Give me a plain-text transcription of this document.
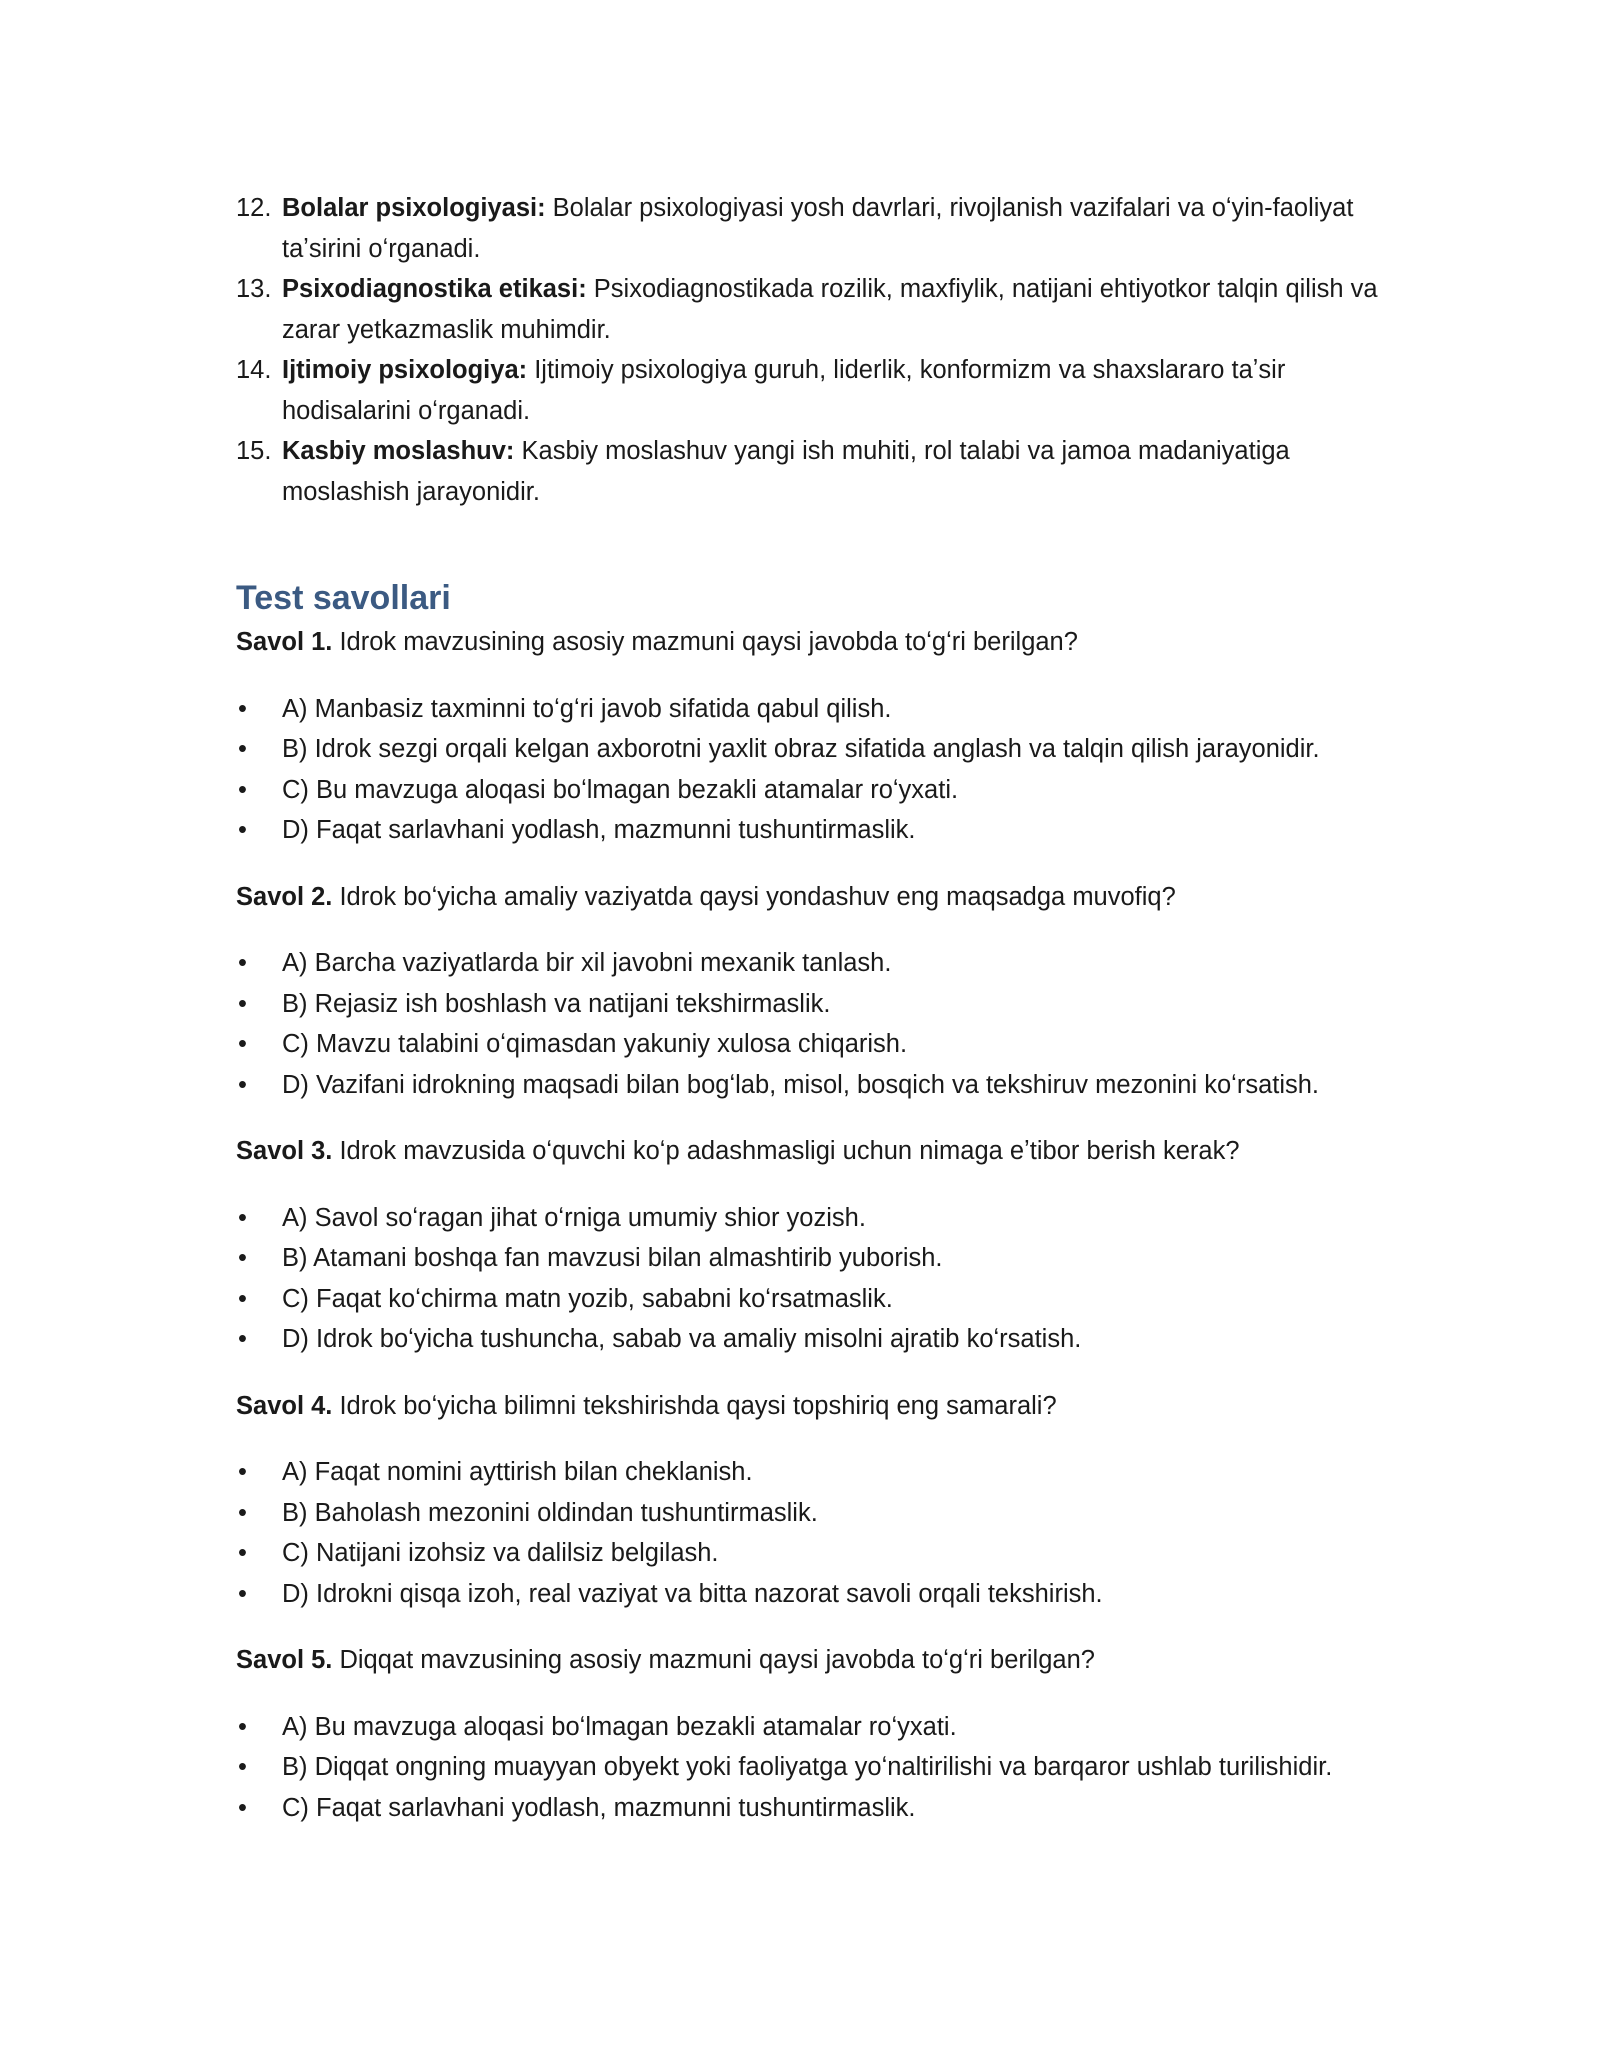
12. Bolalar psixologiyasi: Bolalar psixologiyasi yosh davrlari, rivojlanish vazifalari va oʻyin-faoliyat taʼsirini oʻrganadi.
13. Psixodiagnostika etikasi: Psixodiagnostikada rozilik, maxfiylik, natijani ehtiyotkor talqin qilish va zarar yetkazmaslik muhimdir.
14. Ijtimoiy psixologiya: Ijtimoiy psixologiya guruh, liderlik, konformizm va shaxslararo taʼsir hodisalarini oʻrganadi.
15. Kasbiy moslashuv: Kasbiy moslashuv yangi ish muhiti, rol talabi va jamoa madaniyatiga moslashish jarayonidir.
Test savollari

Savol 1. Idrok mavzusining asosiy mazmuni qaysi javobda toʻgʻri berilgan?

• A) Manbasiz taxminni toʻgʻri javob sifatida qabul qilish.
• B) Idrok sezgi orqali kelgan axborotni yaxlit obraz sifatida anglash va talqin qilish jarayonidir.
• C) Bu mavzuga aloqasi boʻlmagan bezakli atamalar roʻyxati.
• D) Faqat sarlavhani yodlash, mazmunni tushuntirmaslik.

Savol 2. Idrok boʻyicha amaliy vaziyatda qaysi yondashuv eng maqsadga muvofiq?

• A) Barcha vaziyatlarda bir xil javobni mexanik tanlash.
• B) Rejasiz ish boshlash va natijani tekshirmaslik.
• C) Mavzu talabini oʻqimasdan yakuniy xulosa chiqarish.
• D) Vazifani idrokning maqsadi bilan bogʻlab, misol, bosqich va tekshiruv mezonini koʻrsatish.

Savol 3. Idrok mavzusida oʻquvchi koʻp adashmasligi uchun nimaga eʼtibor berish kerak?

• A) Savol soʻragan jihat oʻrniga umumiy shior yozish.
• B) Atamani boshqa fan mavzusi bilan almashtirib yuborish.
• C) Faqat koʻchirma matn yozib, sababni koʻrsatmaslik.
• D) Idrok boʻyicha tushuncha, sabab va amaliy misolni ajratib koʻrsatish.

Savol 4. Idrok boʻyicha bilimni tekshirishda qaysi topshiriq eng samarali?

• A) Faqat nomini ayttirish bilan cheklanish.
• B) Baholash mezonini oldindan tushuntirmaslik.
• C) Natijani izohsiz va dalilsiz belgilash.
• D) Idrokni qisqa izoh, real vaziyat va bitta nazorat savoli orqali tekshirish.

Savol 5. Diqqat mavzusining asosiy mazmuni qaysi javobda toʻgʻri berilgan?

• A) Bu mavzuga aloqasi boʻlmagan bezakli atamalar roʻyxati.
• B) Diqqat ongning muayyan obyekt yoki faoliyatga yoʻnaltirilishi va barqaror ushlab turilishidir.
• C) Faqat sarlavhani yodlash, mazmunni tushuntirmaslik.
